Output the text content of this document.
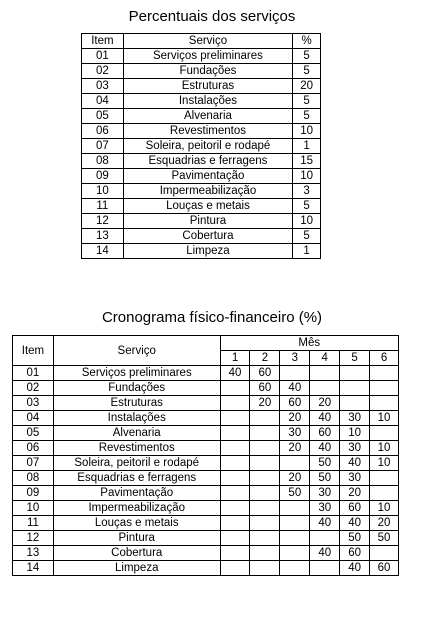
Percentuais dos serviços
Item	Serviço	%
01	Serviços preliminares	5
02	Fundações	5
03	Estruturas	20
04	Instalações	5
05	Alvenaria	5
06	Revestimentos	10
07	Soleira, peitoril e rodapé	1
08	Esquadrias e ferragens	15
09	Pavimentação	10
10	Impermeabilização	3
11	Louças e metais	5
12	Pintura	10
13	Cobertura	5
14	Limpeza	1
Cronograma físico-financeiro (%)
Item	Serviço	Mês					
		1	2	3	4	5	6
01	Serviços preliminares	40	60				
02	Fundações		60	40			
03	Estruturas		20	60	20		
04	Instalações			20	40	30	10
05	Alvenaria			30	60	10	
06	Revestimentos			20	40	30	10
07	Soleira, peitoril e rodapé				50	40	10
08	Esquadrias e ferragens			20	50	30	
09	Pavimentação			50	30	20	
10	Impermeabilização				30	60	10
11	Louças e metais				40	40	20
12	Pintura					50	50
13	Cobertura				40	60	
14	Limpeza					40	60
